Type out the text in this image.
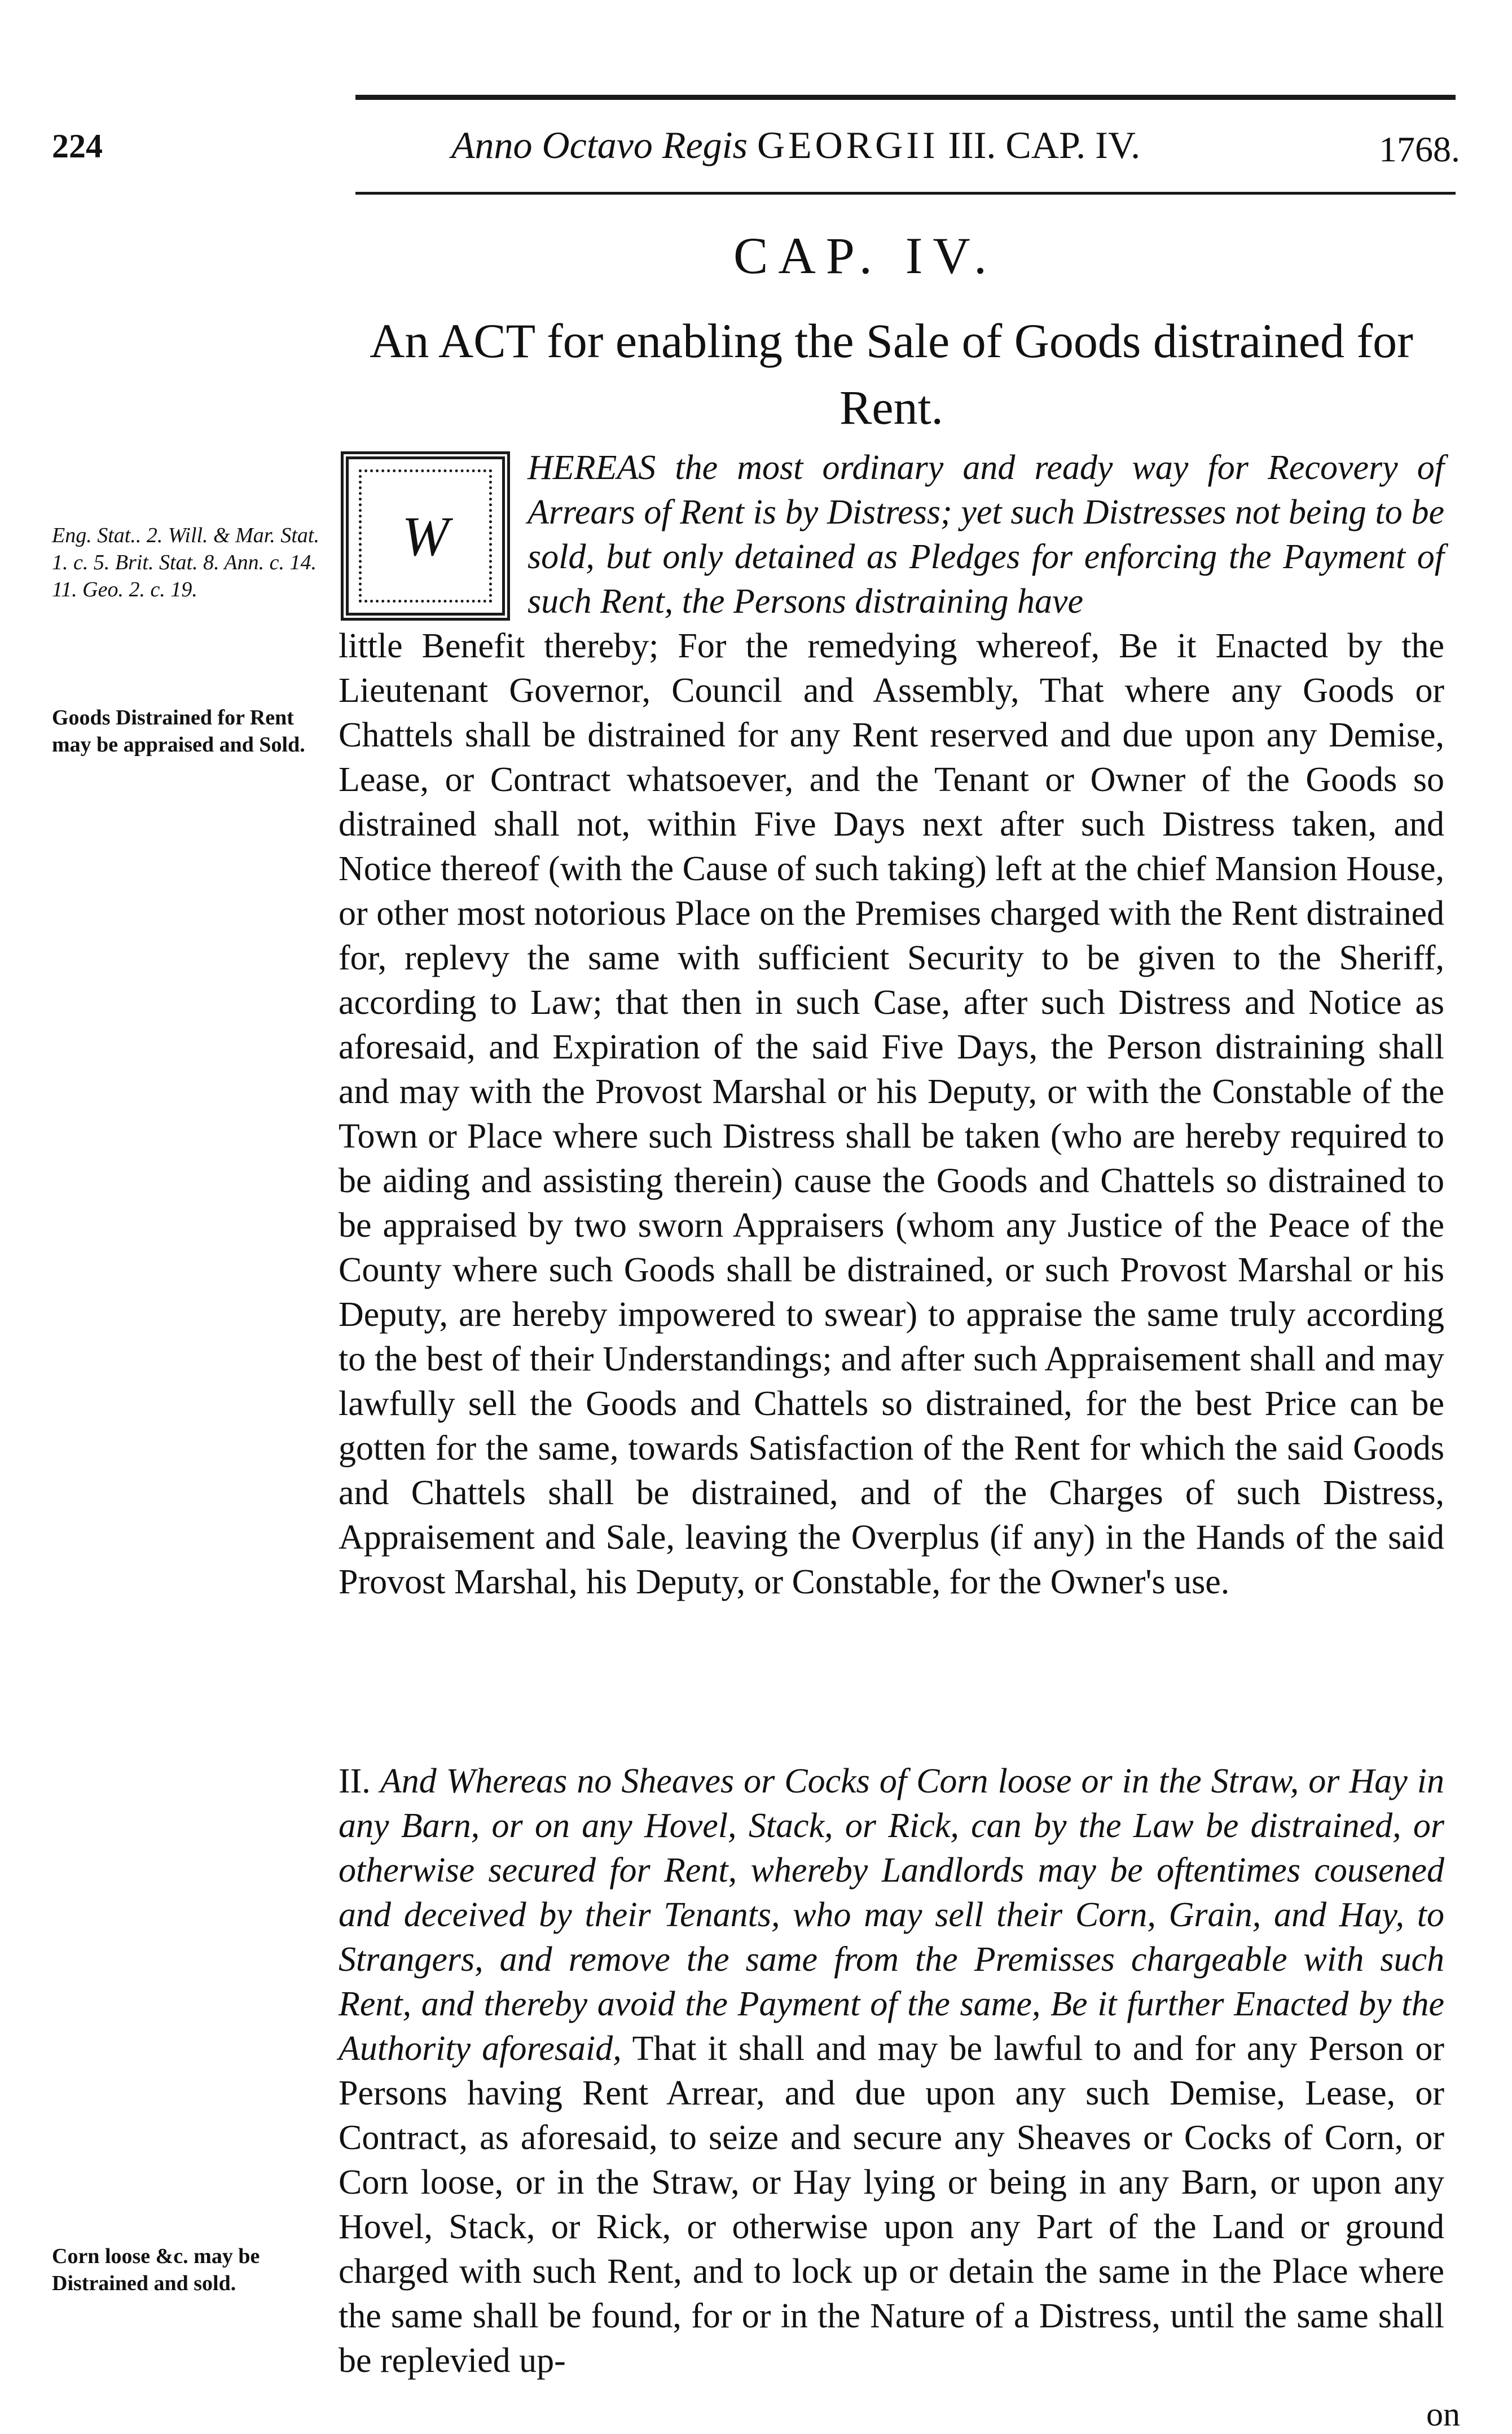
224	Anno Octavo Regis GEORGII III. CAP. IV.	1768.
CAP. IV.
An ACT for enabling the Sale of Goods distrained for Rent.
Eng. Stat.. 2. Will. & Mar. Stat. 1. c. 5. Brit. Stat. 8. Ann. c. 14. 11. Geo. 2. c. 19.
Goods Distrained for Rent may be appraised and Sold.
Corn loose &c. may be Distrained and sold.
W
HEREAS the most ordinary and ready way for Recovery of Arrears of Rent is by Distress; yet such Distresses not being to be sold, but only detained as Pledges for enforcing the Payment of such Rent, the Persons distraining have
little Benefit thereby; For the remedying whereof, Be it Enacted by the Lieutenant Governor, Council and Assembly, That where any Goods or Chattels shall be distrained for any Rent reserved and due upon any Demise, Lease, or Contract whatsoever, and the Tenant or Owner of the Goods so distrained shall not, within Five Days next after such Distress taken, and Notice thereof (with the Cause of such taking) left at the chief Mansion House, or other most notorious Place on the Premises charged with the Rent distrained for, replevy the same with sufficient Security to be given to the Sheriff, according to Law; that then in such Case, after such Distress and Notice as aforesaid, and Expiration of the said Five Days, the Person distraining shall and may with the Provost Marshal or his Deputy, or with the Constable of the Town or Place where such Distress shall be taken (who are hereby required to be aiding and assisting therein) cause the Goods and Chattels so distrained to be appraised by two sworn Appraisers (whom any Justice of the Peace of the County where such Goods shall be distrained, or such Provost Marshal or his Deputy, are hereby impowered to swear) to appraise the same truly according to the best of their Understandings; and after such Appraisement shall and may lawfully sell the Goods and Chattels so distrained, for the best Price can be gotten for the same, towards Satisfaction of the Rent for which the said Goods and Chattels shall be distrained, and of the Charges of such Distress, Appraisement and Sale, leaving the Overplus (if any) in the Hands of the said Provost Marshal, his Deputy, or Constable, for the Owner's use.
II. And Whereas no Sheaves or Cocks of Corn loose or in the Straw, or Hay in any Barn, or on any Hovel, Stack, or Rick, can by the Law be distrained, or otherwise secured for Rent, whereby Landlords may be oftentimes cousened and deceived by their Tenants, who may sell their Corn, Grain, and Hay, to Strangers, and remove the same from the Premisses chargeable with such Rent, and thereby avoid the Payment of the same, Be it further Enacted by the Authority aforesaid, That it shall and may be lawful to and for any Person or Persons having Rent Arrear, and due upon any such Demise, Lease, or Contract, as aforesaid, to seize and secure any Sheaves or Cocks of Corn, or Corn loose, or in the Straw, or Hay lying or being in any Barn, or upon any Hovel, Stack, or Rick, or otherwise upon any Part of the Land or ground charged with such Rent, and to lock up or detain the same in the Place where the same shall be found, for or in the Nature of a Distress, until the same shall be replevied up-
on
